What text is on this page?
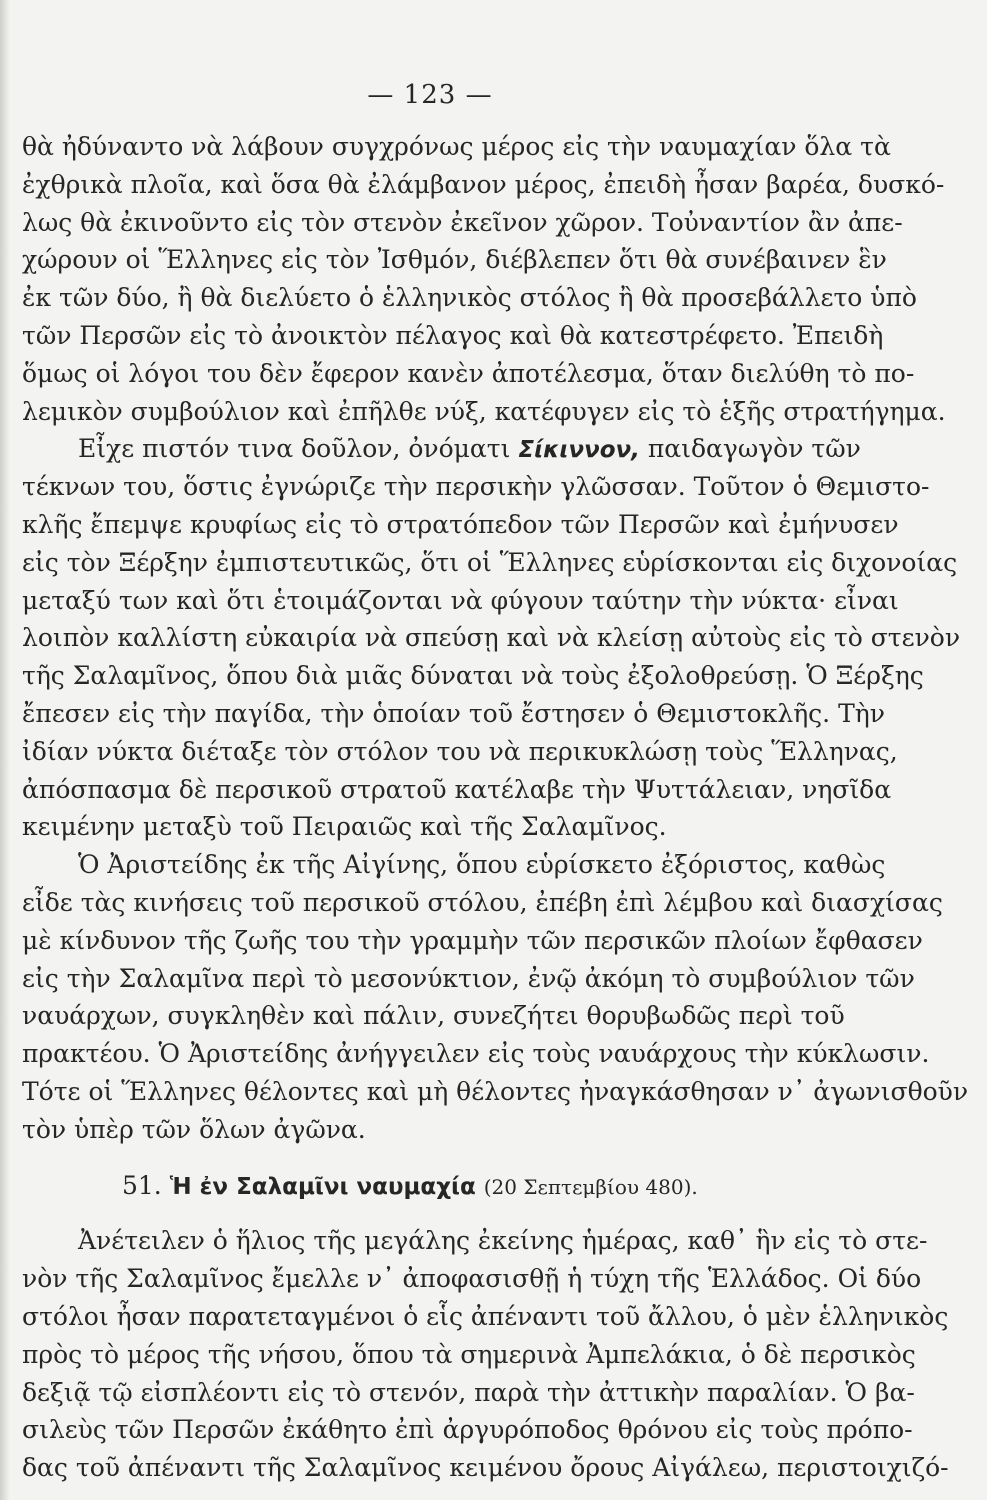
— 123 —
θὰ ἠδύναντο νὰ λάβουν συγχρόνως μέρος εἰς τὴν ναυμαχίαν ὅλα τὰ
ἐχθρικὰ πλοῖα, καὶ ὅσα θὰ ἐλάμβανον μέρος, ἐπειδὴ ἦσαν βαρέα, δυσκό-
λως θὰ ἐκινοῦντο εἰς τὸν στενὸν ἐκεῖνον χῶρον. Τοὐναντίον ἂν ἀπε-
χώρουν οἱ Ἕλληνες εἰς τὸν Ἰσθμόν, διέβλεπεν ὅτι θὰ συνέβαινεν ἓν
ἐκ τῶν δύο, ἢ θὰ διελύετο ὁ ἑλληνικὸς στόλος ἢ θὰ προσεβάλλετο ὑπὸ
τῶν Περσῶν εἰς τὸ ἀνοικτὸν πέλαγος καὶ θὰ κατεστρέφετο. Ἐπειδὴ
ὅμως οἱ λόγοι του δὲν ἔφερον κανὲν ἀποτέλεσμα, ὅταν διελύθη τὸ πο-
λεμικὸν συμβούλιον καὶ ἐπῆλθε νύξ, κατέφυγεν εἰς τὸ ἑξῆς στρατήγημα.
Εἶχε πιστόν τινα δοῦλον, ὀνόματι Σίκιννον, παιδαγωγὸν τῶν
τέκνων του, ὅστις ἐγνώριζε τὴν περσικὴν γλῶσσαν. Τοῦτον ὁ Θεμιστο-
κλῆς ἔπεμψε κρυφίως εἰς τὸ στρατόπεδον τῶν Περσῶν καὶ ἐμήνυσεν
εἰς τὸν Ξέρξην ἐμπιστευτικῶς, ὅτι οἱ Ἕλληνες εὑρίσκονται εἰς διχονοίας
μεταξύ των καὶ ὅτι ἑτοιμάζονται νὰ φύγουν ταύτην τὴν νύκτα· εἶναι
λοιπὸν καλλίστη εὐκαιρία νὰ σπεύσῃ καὶ νὰ κλείσῃ αὐτοὺς εἰς τὸ στενὸν
τῆς Σαλαμῖνος, ὅπου διὰ μιᾶς δύναται νὰ τοὺς ἐξολοθρεύσῃ. Ὁ Ξέρξης
ἔπεσεν εἰς τὴν παγίδα, τὴν ὁποίαν τοῦ ἔστησεν ὁ Θεμιστοκλῆς. Τὴν
ἰδίαν νύκτα διέταξε τὸν στόλον του νὰ περικυκλώσῃ τοὺς Ἕλληνας,
ἀπόσπασμα δὲ περσικοῦ στρατοῦ κατέλαβε τὴν Ψυττάλειαν, νησῖδα
κειμένην μεταξὺ τοῦ Πειραιῶς καὶ τῆς Σαλαμῖνος.
Ὁ Ἀριστείδης ἐκ τῆς Αἰγίνης, ὅπου εὑρίσκετο ἐξόριστος, καθὼς
εἶδε τὰς κινήσεις τοῦ περσικοῦ στόλου, ἐπέβη ἐπὶ λέμβου καὶ διασχίσας
μὲ κίνδυνον τῆς ζωῆς του τὴν γραμμὴν τῶν περσικῶν πλοίων ἔφθασεν
εἰς τὴν Σαλαμῖνα περὶ τὸ μεσονύκτιον, ἐνῷ ἀκόμη τὸ συμβούλιον τῶν
ναυάρχων, συγκληθὲν καὶ πάλιν, συνεζήτει θορυβωδῶς περὶ τοῦ
πρακτέου. Ὁ Ἀριστείδης ἀνήγγειλεν εἰς τοὺς ναυάρχους τὴν κύκλωσιν.
Τότε οἱ Ἕλληνες θέλοντες καὶ μὴ θέλοντες ἠναγκάσθησαν ν᾿ ἀγωνισθοῦν
τὸν ὑπὲρ τῶν ὅλων ἀγῶνα.
51. Ἡ ἐν Σαλαμῖνι ναυμαχία (20 Σεπτεμβίου 480).
Ἀνέτειλεν ὁ ἥλιος τῆς μεγάλης ἐκείνης ἡμέρας, καθ᾿ ἣν εἰς τὸ στε-
νὸν τῆς Σαλαμῖνος ἔμελλε ν᾿ ἀποφασισθῇ ἡ τύχη τῆς Ἑλλάδος. Οἱ δύο
στόλοι ἦσαν παρατεταγμένοι ὁ εἷς ἀπέναντι τοῦ ἄλλου, ὁ μὲν ἑλληνικὸς
πρὸς τὸ μέρος τῆς νήσου, ὅπου τὰ σημερινὰ Ἀμπελάκια, ὁ δὲ περσικὸς
δεξιᾷ τῷ εἰσπλέοντι εἰς τὸ στενόν, παρὰ τὴν ἀττικὴν παραλίαν. Ὁ βα-
σιλεὺς τῶν Περσῶν ἐκάθητο ἐπὶ ἀργυρόποδος θρόνου εἰς τοὺς πρόπο-
δας τοῦ ἀπέναντι τῆς Σαλαμῖνος κειμένου ὄρους Αἰγάλεω, περιστοιχιζό-
